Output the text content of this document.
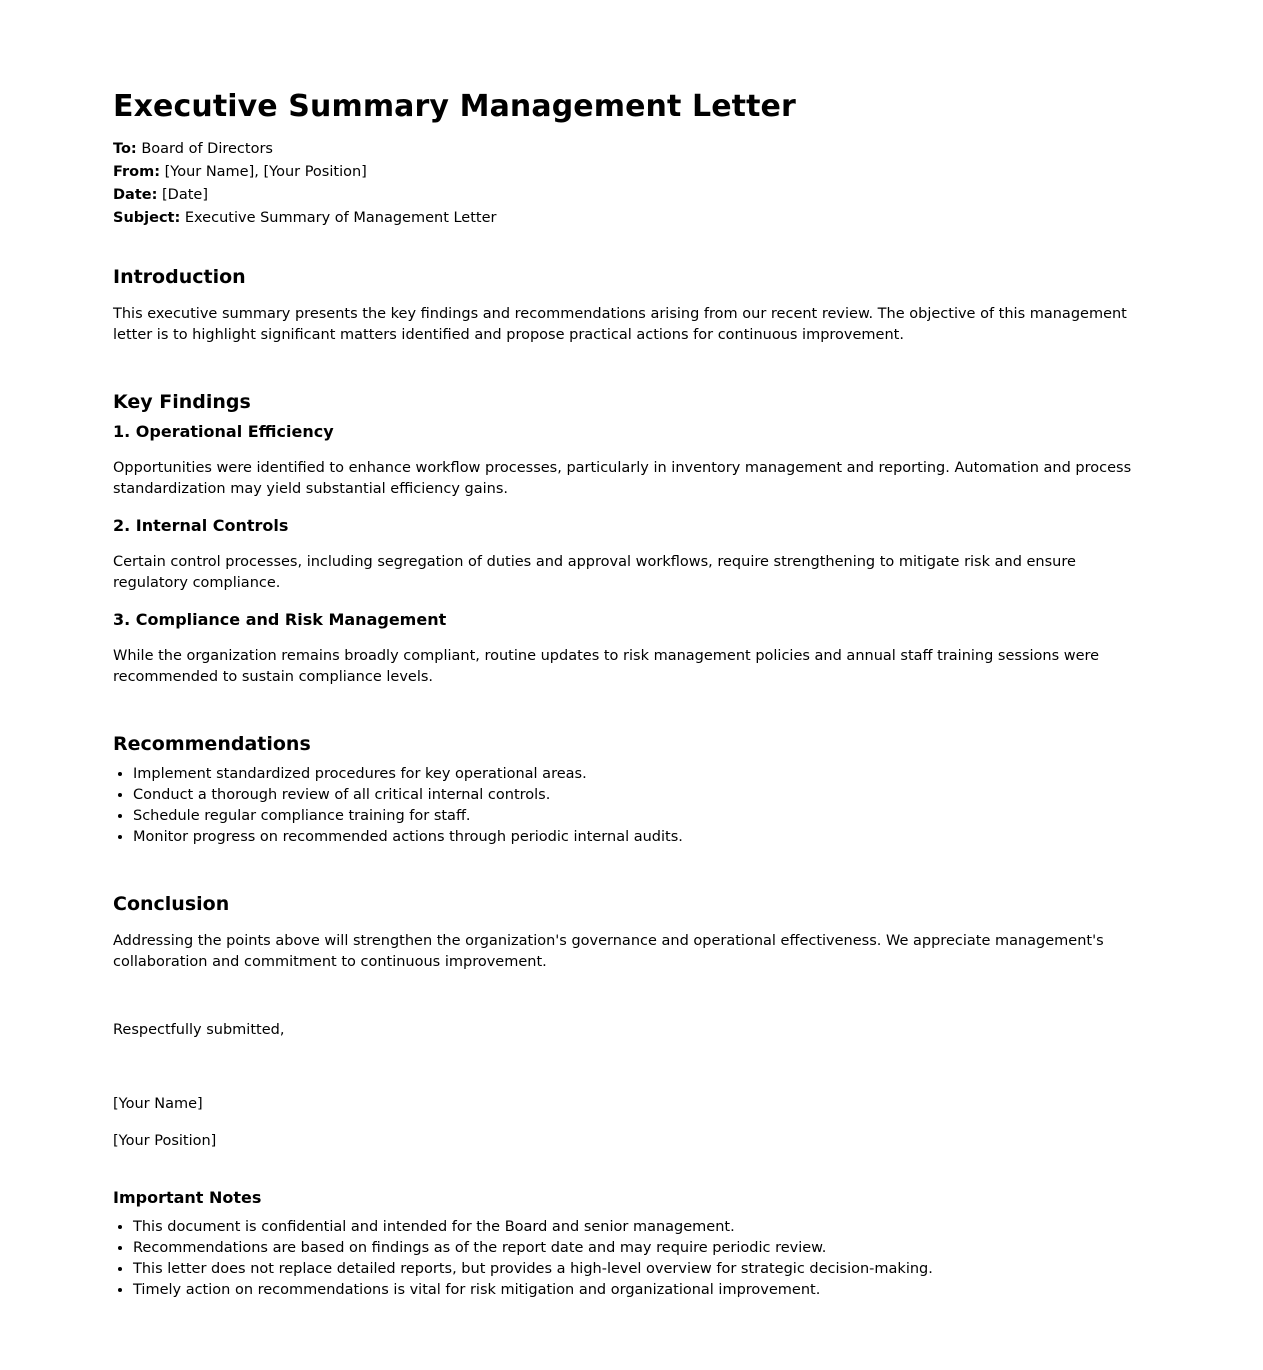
Executive Summary Management Letter
To: Board of Directors
From: [Your Name], [Your Position]
Date: [Date]
Subject: Executive Summary of Management Letter
Introduction

This executive summary presents the key findings and recommendations arising from our recent review. The objective of this management letter is to highlight significant matters identified and propose practical actions for continuous improvement.

Key Findings
1. Operational Efficiency

Opportunities were identified to enhance workflow processes, particularly in inventory management and reporting. Automation and process standardization may yield substantial efficiency gains.

2. Internal Controls

Certain control processes, including segregation of duties and approval workflows, require strengthening to mitigate risk and ensure regulatory compliance.

3. Compliance and Risk Management

While the organization remains broadly compliant, routine updates to risk management policies and annual staff training sessions were recommended to sustain compliance levels.

Recommendations
• Implement standardized procedures for key operational areas.
• Conduct a thorough review of all critical internal controls.
• Schedule regular compliance training for staff.
• Monitor progress on recommended actions through periodic internal audits.
Conclusion

Addressing the points above will strengthen the organization's governance and operational effectiveness. We appreciate management's collaboration and commitment to continuous improvement.

Respectfully submitted,

[Your Name]

[Your Position]

Important Notes
• This document is confidential and intended for the Board and senior management.
• Recommendations are based on findings as of the report date and may require periodic review.
• This letter does not replace detailed reports, but provides a high-level overview for strategic decision-making.
• Timely action on recommendations is vital for risk mitigation and organizational improvement.
